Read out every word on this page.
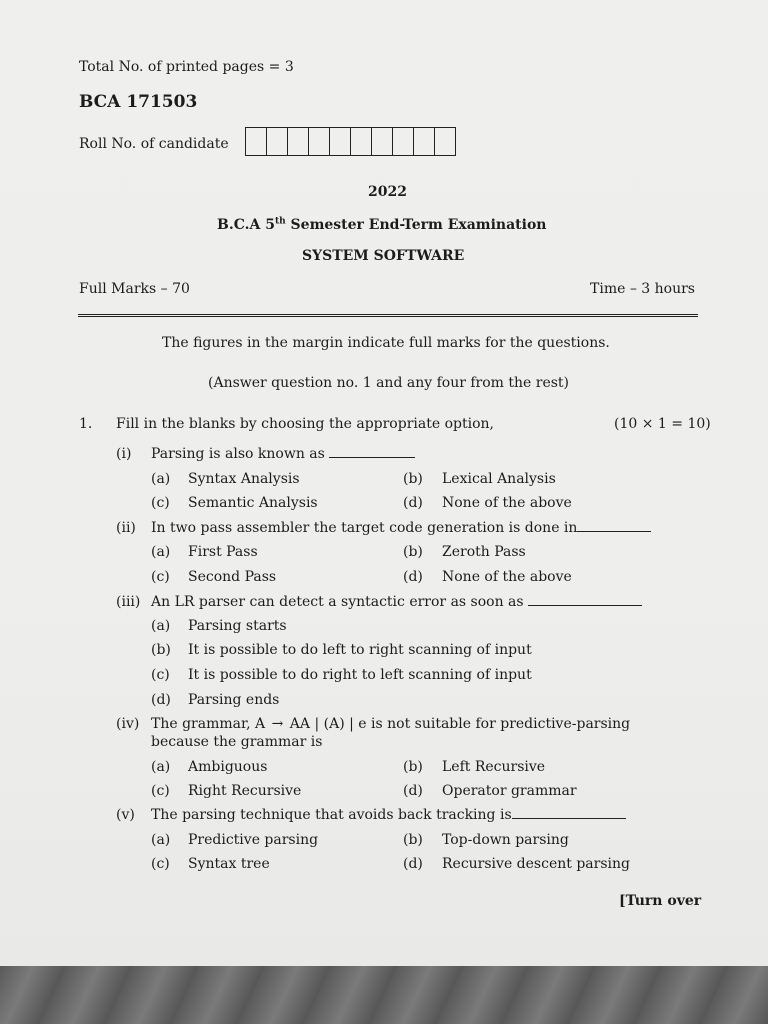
Total No. of printed pages = 3
BCA 171503
Roll No. of candidate
2022
B.C.A 5th Semester End-Term Examination
SYSTEM SOFTWARE
Full Marks – 70	Time – 3 hours
The figures in the margin indicate full marks for the questions.
(Answer question no. 1 and any four from the rest)
1. Fill in the blanks by choosing the appropriate option,	(10 × 1 = 10)
(i) Parsing is also known as
(a) Syntax Analysis	(b) Lexical Analysis
(c) Semantic Analysis	(d) None of the above
(ii) In two pass assembler the target code generation is done in
(a) First Pass	(b) Zeroth Pass
(c) Second Pass	(d) None of the above
(iii) An LR parser can detect a syntactic error as soon as
(a) Parsing starts
(b) It is possible to do left to right scanning of input
(c) It is possible to do right to left scanning of input
(d) Parsing ends
(iv) The grammar, A → AA | (A) | e is not suitable for predictive-parsing
because the grammar is
(a) Ambiguous	(b) Left Recursive
(c) Right Recursive	(d) Operator grammar
(v) The parsing technique that avoids back tracking is
(a) Predictive parsing	(b) Top-down parsing
(c) Syntax tree	(d) Recursive descent parsing
[Turn over
